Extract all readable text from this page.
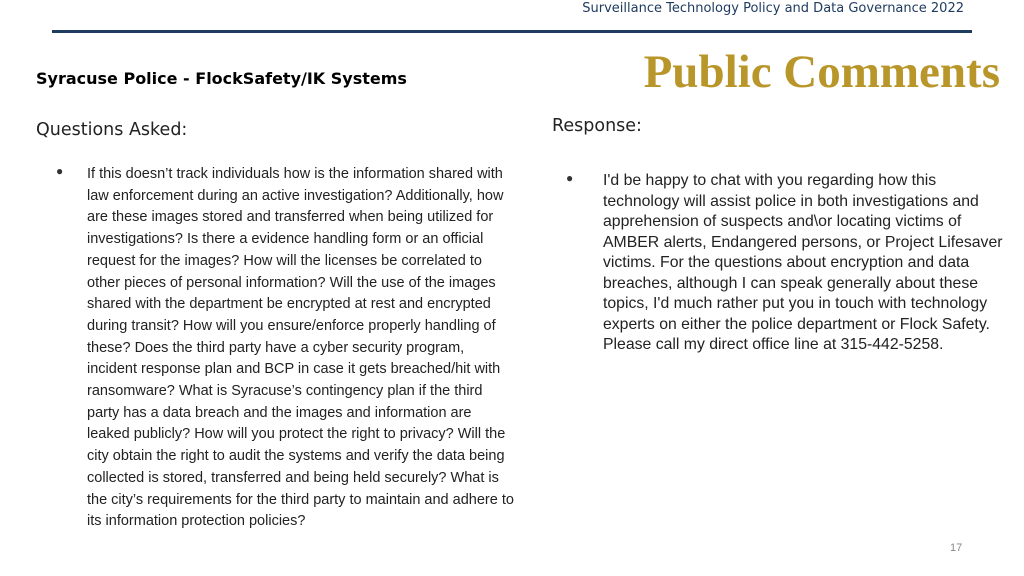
Surveillance Technology Policy and Data Governance 2022
Public Comments
Syracuse Police - FlockSafety/IK Systems
Questions Asked:	Response:
● If this doesn’t track individuals how is the information shared with law enforcement during an active investigation? Additionally, how are these images stored and transferred when being utilized for investigations? Is there a evidence handling form or an official request for the images? How will the licenses be correlated to other pieces of personal information? Will the use of the images shared with the department be encrypted at rest and encrypted during transit? How will you ensure/enforce properly handling of these? Does the third party have a cyber security program, incident response plan and BCP in case it gets breached/hit with ransomware? What is Syracuse’s contingency plan if the third party has a data breach and the images and information are leaked publicly? How will you protect the right to privacy? Will the city obtain the right to audit the systems and verify the data being collected is stored, transferred and being held securely? What is the city’s requirements for the third party to maintain and adhere to its information protection policies?
● I'd be happy to chat with you regarding how this technology will assist police in both investigations and apprehension of suspects and\or locating victims of AMBER alerts, Endangered persons, or Project Lifesaver victims. For the questions about encryption and data breaches, although I can speak generally about these topics, I'd much rather put you in touch with technology experts on either the police department or Flock Safety. Please call my direct office line at 315-442-5258.
17
